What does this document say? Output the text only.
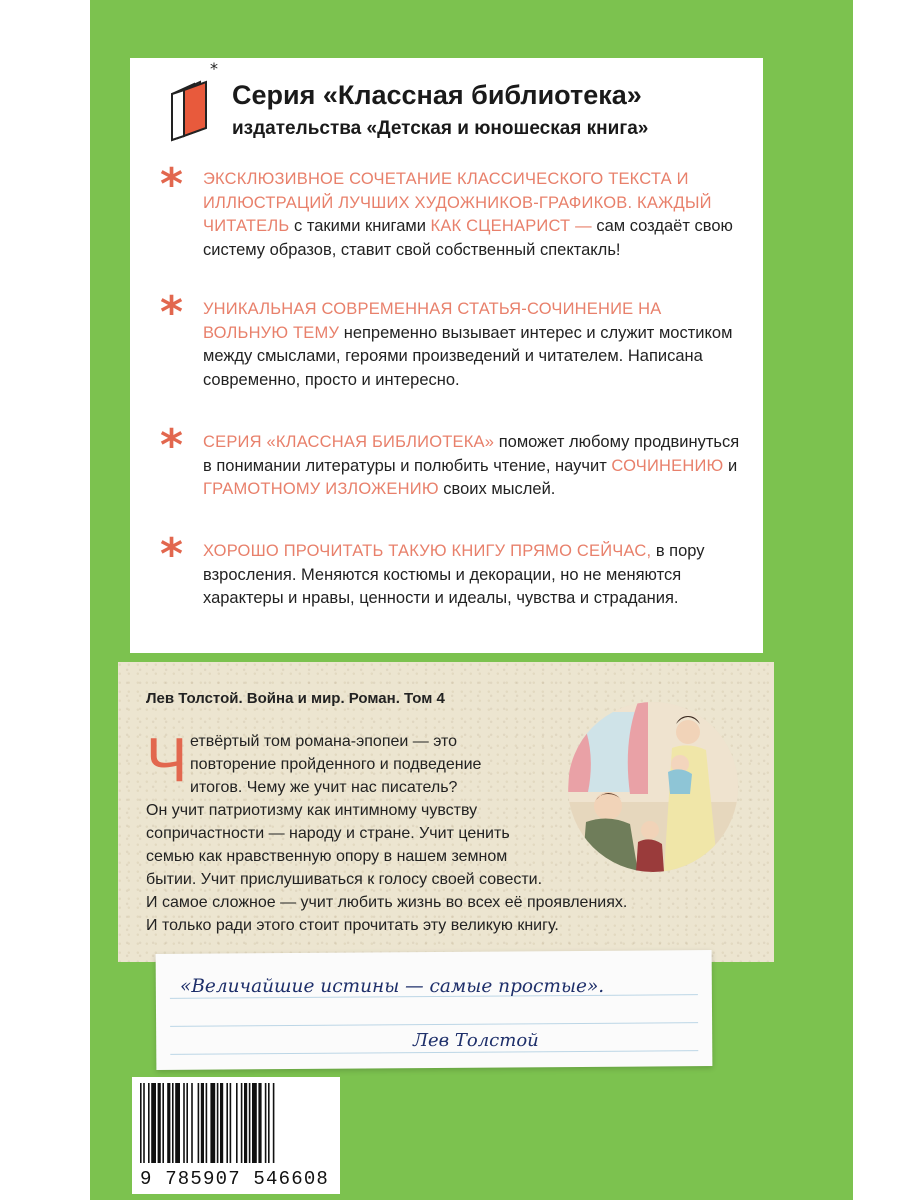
*
Серия «Классная библиотека»
издательства «Детская и юношеская книга»
*	ЭКСКЛЮЗИВНОЕ СОЧЕТАНИЕ КЛАССИЧЕСКОГО ТЕКСТА И ИЛЛЮСТРАЦИЙ ЛУЧШИХ ХУДОЖНИКОВ-ГРАФИКОВ. КАЖДЫЙ ЧИТАТЕЛЬ с такими книгами КАК СЦЕНАРИСТ — сам создаёт свою систему образов, ставит свой собственный спектакль!
*	УНИКАЛЬНАЯ СОВРЕМЕННАЯ СТАТЬЯ-СОЧИНЕНИЕ НА ВОЛЬНУЮ ТЕМУ непременно вызывает интерес и служит мостиком между смыслами, героями произведений и читателем. Написана современно, просто и интересно.
*	СЕРИЯ «КЛАССНАЯ БИБЛИОТЕКА» поможет любому продвинуться в понимании литературы и полюбить чтение, научит СОЧИНЕНИЮ и ГРАМОТНОМУ ИЗЛОЖЕНИЮ своих мыслей.
*	ХОРОШО ПРОЧИТАТЬ ТАКУЮ КНИГУ ПРЯМО СЕЙЧАС, в пору взросления. Меняются костюмы и декорации, но не меняются характеры и нравы, ценности и идеалы, чувства и страдания.
Лев Толстой. Война и мир. Роман. Том 4
Ч етвёртый том романа-эпопеи — это
повторение пройденного и подведение
итогов. Чему же учит нас писатель?
Он учит патриотизму как интимному чувству
сопричастности — народу и стране. Учит ценить
семью как нравственную опору в нашем земном
бытии. Учит прислушиваться к голосу своей совести.
И самое сложное — учит любить жизнь во всех её проявлениях.
И только ради этого стоит прочитать эту великую книгу.
«Величайшие истины — самые простые».
Лев Толстой
9 785907 546608
